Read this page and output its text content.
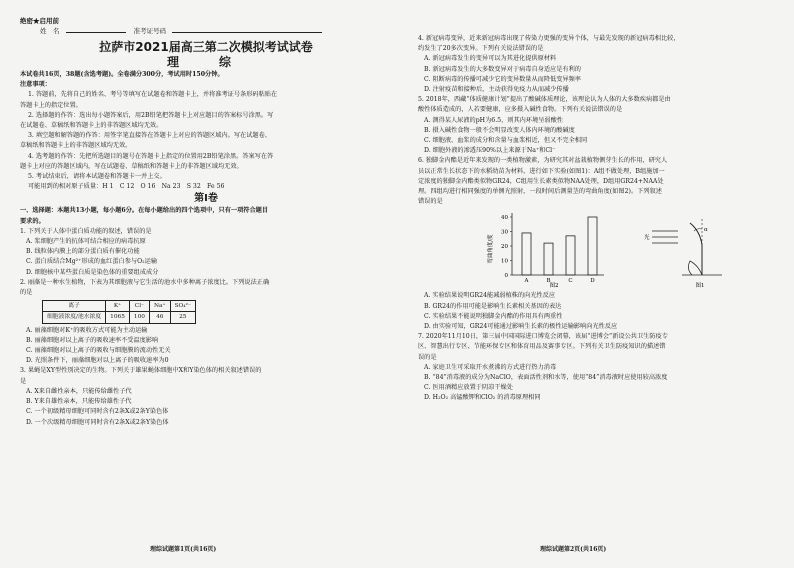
绝密★启用前
姓　名	准考证号码
拉萨市2021届高三第二次模拟考试试卷
理　综
本试卷共16页，38题(含选考题)。全卷满分300分，考试用时150分钟。
注意事项：
1. 答题前，先将自己的姓名、考号等填写在试题卷和答题卡上，并将准考证号条形码粘贴在
答题卡上的指定位置。
2. 选择题的作答：选出每小题答案后，用2B铅笔把答题卡上对应题目的答案标号涂黑。写
在试题卷、草稿纸和答题卡上的非答题区域均无效。
3. 填空题和解答题的作答：用签字笔直接答在答题卡上对应的答题区域内。写在试题卷、
草稿纸和答题卡上的非答题区域均无效。
4. 选考题的作答：先把所选题目的题号在答题卡上指定的位置用2B铅笔涂黑。答案写在答
题卡上对应的答题区域内，写在试题卷、草稿纸和答题卡上的非答题区域均无效。
5. 考试结束后，请将本试题卷和答题卡一并上交。
可能用到的相对原子质量：H 1　C 12　O 16　Na 23　S 32　Fe 56
第Ⅰ卷
一、选择题：本题共13小题，每小题6分。在每小题给出的四个选项中，只有一项符合题目
要求的。
1. 下列关于人体中蛋白质功能的叙述，错误的是
A. 浆细胞产生的抗体可结合相应的病毒抗原
B. 线粒体内膜上的部分蛋白质有催化功能
C. 蛋白质结合Mg²⁺形成的血红蛋白参与O₂运输
D. 细胞核中某些蛋白质是染色体的重要组成成分
2. 丽藻是一种水生植物，下表为其细胞液与它生活的池水中多种离子浓度比。下列说法正确
的是
离子	K⁺	Cl⁻	Na⁺	SO₄²⁻
细胞液浓度/池水浓度	1065	100	46	25
A. 丽藻细胞对K⁺的吸收方式可能为主动运输
B. 丽藻细胞对以上离子的吸收速率不受温度影响
C. 丽藻细胞对以上离子的吸收与细胞膜的流动性无关
D. 光照条件下，丽藻细胞对以上离子的吸收速率为0
3. 果蝇是XY型性别决定的生物。下列关于雄果蝇体细胞中X和Y染色体的相关叙述错误的
是
A. X来自雌性亲本，只能传给雌性子代
B. Y来自雄性亲本，只能传给雄性子代
C. 一个初级精母细胞可同时含有2条X或2条Y染色体
D. 一个次级精母细胞可同时含有2条X或2条Y染色体
理综试题第1页(共16页)
4. 新冠病毒变异，近来新冠病毒出现了传染力更强的变异个体，与最先发现的新冠病毒相比较，
约发生了20多次变异。下列有关说法错误的是
A. 新冠病毒发生的变异可以为其进化提供原材料
B. 新冠病毒发生的大多数变异对于病毒自身适应是有利的
C. 阻断病毒的传播可减少它的变异数量从而降低变异频率
D. 注射疫苗和接种后，主动获得免疫力从而减少传播
5. 2018年，西藏“体质健康计划”提出了酸碱体质理论，该理论认为人体的大多数疾病都是由
酸性体质造成的，人若要健康，应多摄入碱性食物。下列有关说法错误的是
A. 测得某人尿液的pH为6.5，则其内环境呈弱酸性
B. 摄入碱性食物一般不会明显改变人体内环境的酸碱度
C. 细胞液、血浆的成分和含量与血浆相近，但又不完全相同
D. 细胞外液的渗透压90%以上来源于Na⁺和Cl⁻
6. 独脚金内酯是近年来发现的一类植物激素，为研究其对盆栽植物侧芽生长的作用，研究人
员以正常生长状态下的水稻幼苗为材料，进行如下实验(如图1)：A组不做处理，B组施加一
定浓度的独脚金内酯类似物GR24，C组用生长素类似物NAA处理，D组用GR24+NAA处
理。四组均进行相同强度的单侧光照射，一段时间后测量茎的弯曲角度(如图2)。下列叙述
错误的是
弯曲角度/度
图2
0
10
20
30
40
A	B	C	D
光
α
图1
A. 实验结果说明GR24能减弱植株的向光性反应
B. GR24的作用可能是影响生长素相关基因的表达
C. 实验结果不能说明独脚金内酯的作用具有两重性
D. 由实验可知，GR24可能通过影响生长素的极性运输影响向光性反应
7. 2020年11月10日，第三届中国国际进口博览会闭幕，该届“进博会”新设公共卫生防疫专
区、智慧出行专区、节能环保专区和体育用品及赛事专区。下列有关卫生防疫知识的描述错
误的是
A. 家庭卫生可采取开水煮沸的方式进行热力消毒
B. “84”消毒液的成分为NaClO，表面活性剂和水等，使用“84”消毒液时应使用较高浓度
C. 医用酒精应放置于阴凉干燥处
D. H₂O₂ 高锰酸钾和ClO₂ 的消毒原理相同
理综试题第2页(共16页)
